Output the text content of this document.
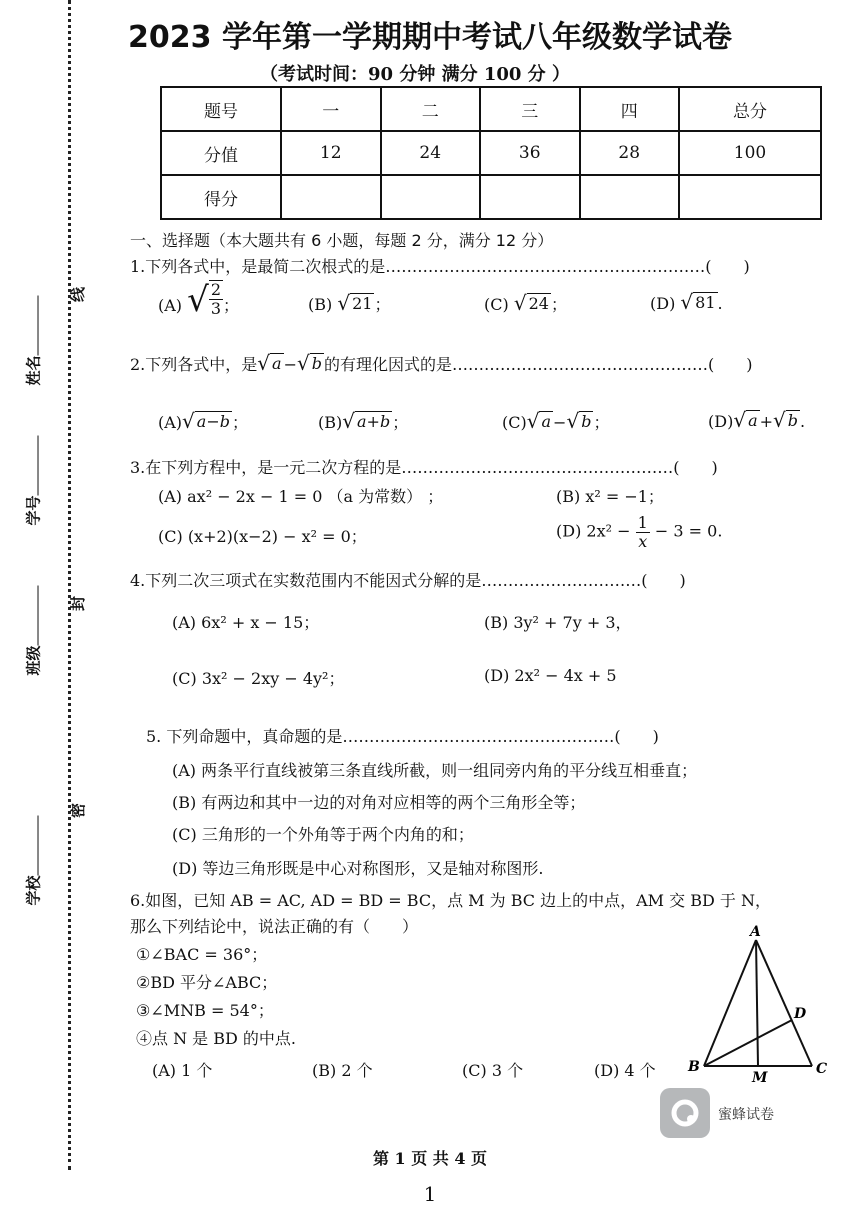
学校
班级
学号
姓名
密
封
线
2023 学年第一学期期中考试八年级数学试卷
（考试时间：90 分钟 满分 100 分 ）
题号	一	二	三	四	总分
分值	12	24	36	28	100
得分					
一、选择题（本大题共有 6 小题，每题 2 分，满分 12 分）
1.下列各式中，是最简二次根式的是……………………………………………………(　　)
(A) √ $\frac{2}{3}$ ；	(B) √ 21 ；	(C) √ 24 ；	(D) √ 81 .
2.下列各式中，是 √ a − √ b 的有理化因式的是…………………………………………(　　)
(A) √ a−b ；	(B) √ a+b ；	(C) √ a − √ b ；	(D) √ a + √ b .
3.在下列方程中，是一元二次方程的是……………………………………………(　　)
(A) ax² − 2x − 1 = 0 （a 为常数） ；	(B) x² = −1；
(C) (x+2)(x−2) − x² = 0；	(D) $2x^2 - \frac{1}{x} - 3 = 0$.
4.下列二次三项式在实数范围内不能因式分解的是…………………………(　　)
(A) 6x² + x − 15；	(B) 3y² + 7y + 3，
(C) 3x² − 2xy − 4y²；	(D) 2x² − 4x + 5
5. 下列命题中，真命题的是……………………………………………(　　)
(A) 两条平行直线被第三条直线所截，则一组同旁内角的平分线互相垂直；
(B) 有两边和其中一边的对角对应相等的两个三角形全等；
(C) 三角形的一个外角等于两个内角的和；
(D) 等边三角形既是中心对称图形，又是轴对称图形.
6.如图，已知 AB = AC, AD = BD = BC，点 M 为 BC 边上的中点，AM 交 BD 于 N，
那么下列结论中，说法正确的有（　　）
①∠BAC = 36°；
②BD 平分∠ABC；
③∠MNB = 54°；
④点 N 是 BD 的中点.
(A) 1 个	(B) 2 个	(C) 3 个	(D) 4 个
A
B	C
D
M
蜜蜂试卷
第 1 页 共 4 页
1
